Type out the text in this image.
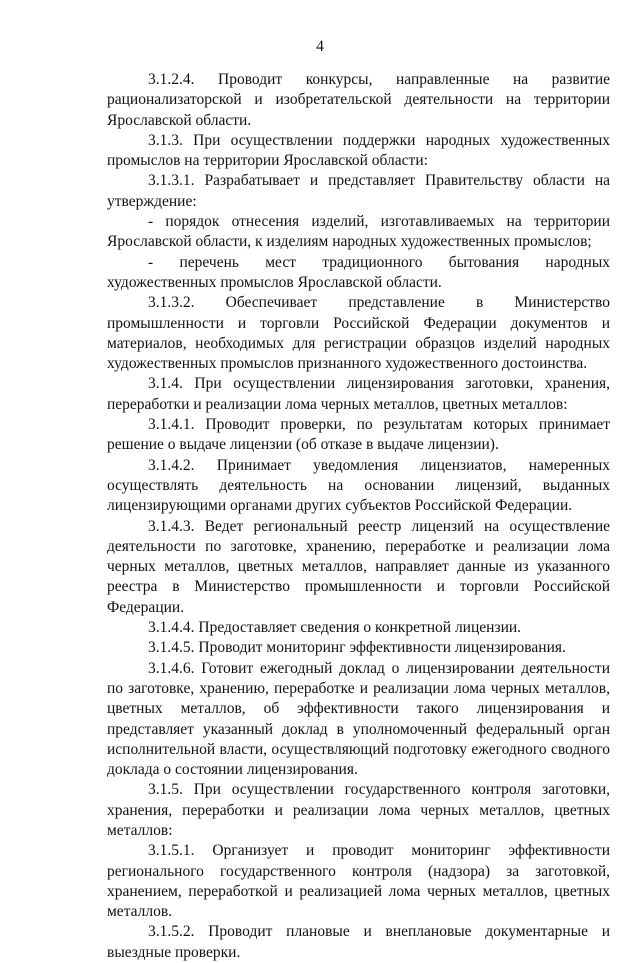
4

3.1.2.4. Проводит конкурсы, направленные на развитие рационализаторской и изобретательской деятельности на территории Ярославской области.

3.1.3. При осуществлении поддержки народных художественных промыслов на территории Ярославской области:

3.1.3.1. Разрабатывает и представляет Правительству области на утверждение:

- порядок отнесения изделий, изготавливаемых на территории Ярославской области, к изделиям народных художественных промыслов;

- перечень мест традиционного бытования народных художественных промыслов Ярославской области.

3.1.3.2. Обеспечивает представление в Министерство промышленности и торговли Российской Федерации документов и материалов, необходимых для регистрации образцов изделий народных художественных промыслов признанного художественного достоинства.

3.1.4. При осуществлении лицензирования заготовки, хранения, переработки и реализации лома черных металлов, цветных металлов:

3.1.4.1. Проводит проверки, по результатам которых принимает решение о выдаче лицензии (об отказе в выдаче лицензии).

3.1.4.2. Принимает уведомления лицензиатов, намеренных осуществлять деятельность на основании лицензий, выданных лицензирующими органами других субъектов Российской Федерации.

3.1.4.3. Ведет региональный реестр лицензий на осуществление деятельности по заготовке, хранению, переработке и реализации лома черных металлов, цветных металлов, направляет данные из указанного реестра в Министерство промышленности и торговли Российской Федерации.

3.1.4.4. Предоставляет сведения о конкретной лицензии.

3.1.4.5. Проводит мониторинг эффективности лицензирования.

3.1.4.6. Готовит ежегодный доклад о лицензировании деятельности по заготовке, хранению, переработке и реализации лома черных металлов, цветных металлов, об эффективности такого лицензирования и представляет указанный доклад в уполномоченный федеральный орган исполнительной власти, осуществляющий подготовку ежегодного сводного доклада о состоянии лицензирования.

3.1.5. При осуществлении государственного контроля заготовки, хранения, переработки и реализации лома черных металлов, цветных металлов:

3.1.5.1. Организует и проводит мониторинг эффективности регионального государственного контроля (надзора) за заготовкой, хранением, переработкой и реализацией лома черных металлов, цветных металлов.

3.1.5.2. Проводит плановые и внеплановые документарные и выездные проверки.
